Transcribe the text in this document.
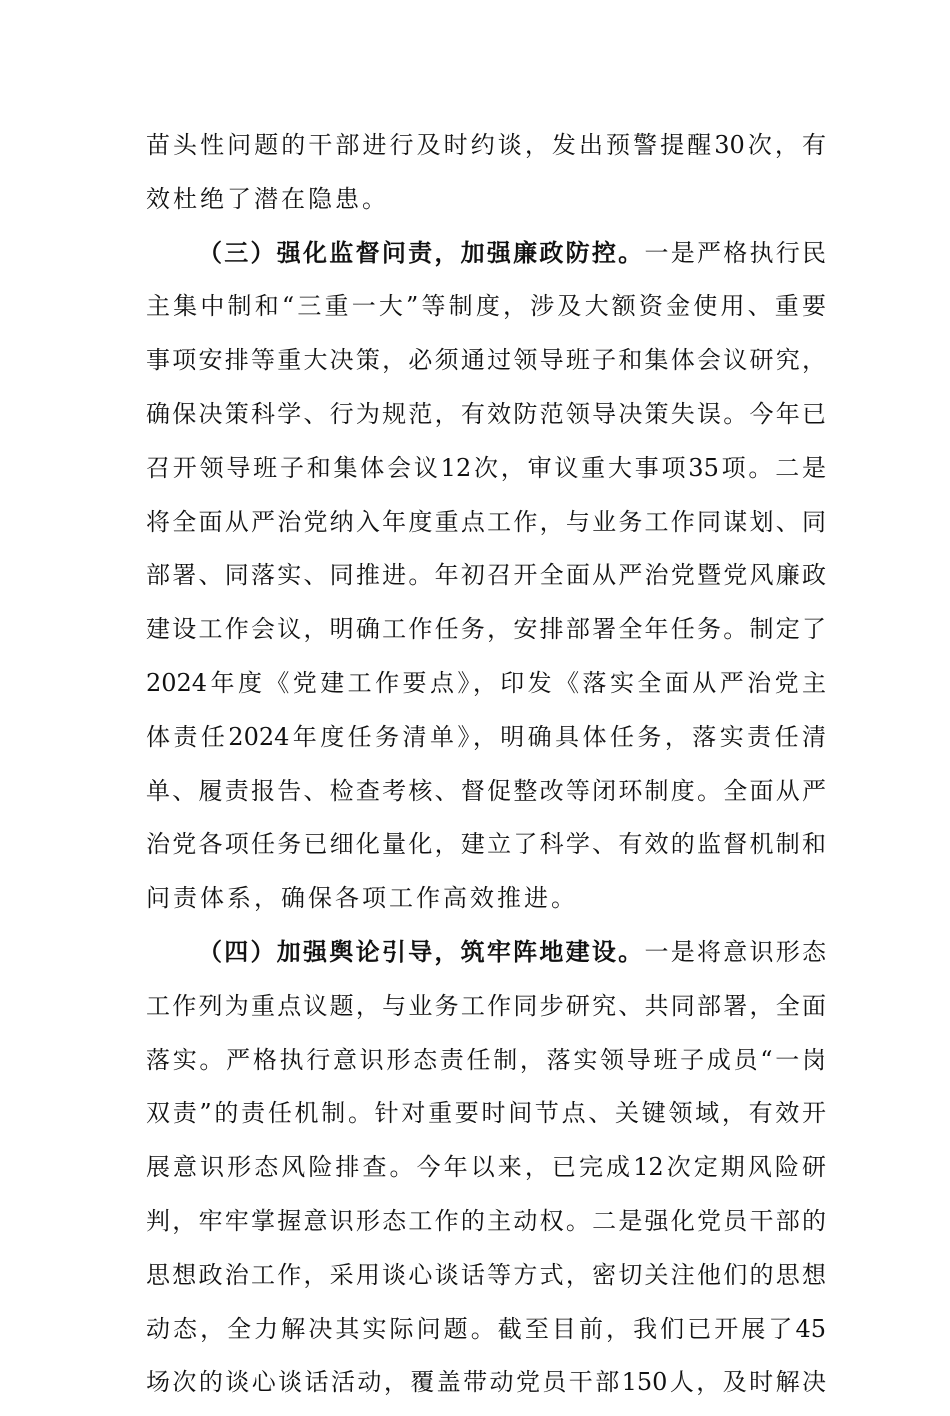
苗头性问题的干部进行及时约谈，发出预警提醒30次，有
效杜绝了潜在隐患。
（三）强化监督问责，加强廉政防控。一是严格执行民
主集中制和“三重一大”等制度，涉及大额资金使用、重要
事项安排等重大决策，必须通过领导班子和集体会议研究，
确保决策科学、行为规范，有效防范领导决策失误。今年已
召开领导班子和集体会议12次，审议重大事项35项。二是
将全面从严治党纳入年度重点工作，与业务工作同谋划、同
部署、同落实、同推进。年初召开全面从严治党暨党风廉政
建设工作会议，明确工作任务，安排部署全年任务。制定了
2024年度《党建工作要点》，印发《落实全面从严治党主
体责任2024年度任务清单》，明确具体任务，落实责任清
单、履责报告、检查考核、督促整改等闭环制度。全面从严
治党各项任务已细化量化，建立了科学、有效的监督机制和
问责体系，确保各项工作高效推进。
（四）加强舆论引导，筑牢阵地建设。一是将意识形态
工作列为重点议题，与业务工作同步研究、共同部署，全面
落实。严格执行意识形态责任制，落实领导班子成员“一岗
双责”的责任机制。针对重要时间节点、关键领域，有效开
展意识形态风险排查。今年以来，已完成12次定期风险研
判，牢牢掌握意识形态工作的主动权。二是强化党员干部的
思想政治工作，采用谈心谈话等方式，密切关注他们的思想
动态，全力解决其实际问题。截至目前，我们已开展了45
场次的谈心谈话活动，覆盖带动党员干部150人，及时解决
